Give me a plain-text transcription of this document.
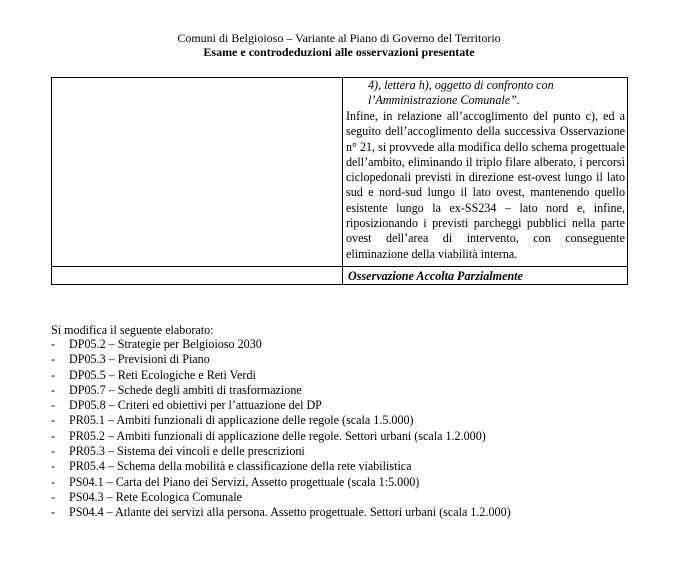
Comuni di Belgioioso – Variante al Piano di Governo del Territorio
Esame e controdeduzioni alle osservazioni presentate

	4), lettera h), oggetto di confronto con
l’Amministrazione Comunale”.
Infine, in relazione all’accoglimento del punto c), ed a seguito dell’accoglimento della successiva Osservazione n° 21, si provvede alla modifica dello schema progettuale dell’ambito, eliminando il triplo filare alberato, i percorsi ciclopedonali previsti in direzione est-ovest lungo il lato sud e nord-sud lungo il lato ovest, mantenendo quello esistente lungo la ex-SS234 – lato nord e, infine, riposizionando i previsti parcheggi pubblici nella parte ovest dell’area di intervento, con conseguente eliminazione della viabilità interna.

	Osservazione Accolta Parzialmente
Si modifica il seguente elaborato:
- DP05.2 – Strategie per Belgioioso 2030
- DP05.3 – Previsioni di Piano
- DP05.5 – Reti Ecologiche e Reti Verdi
- DP05.7 – Schede degli ambiti di trasformazione
- DP05.8 – Criteri ed obiettivi per l’attuazione del DP
- PR05.1 – Ambiti funzionali di applicazione delle regole (scala 1.5.000)
- PR05.2 – Ambiti funzionali di applicazione delle regole. Settori urbani (scala 1.2.000)
- PR05.3 – Sistema dei vincoli e delle prescrizioni
- PR05.4 – Schema della mobilità e classificazione della rete viabilistica
- PS04.1 – Carta del Piano dei Servizi, Assetto progettuale (scala 1:5.000)
- PS04.3 – Rete Ecologica Comunale
- PS04.4 – Atlante dei servizi alla persona. Assetto progettuale. Settori urbani (scala 1.2.000)
